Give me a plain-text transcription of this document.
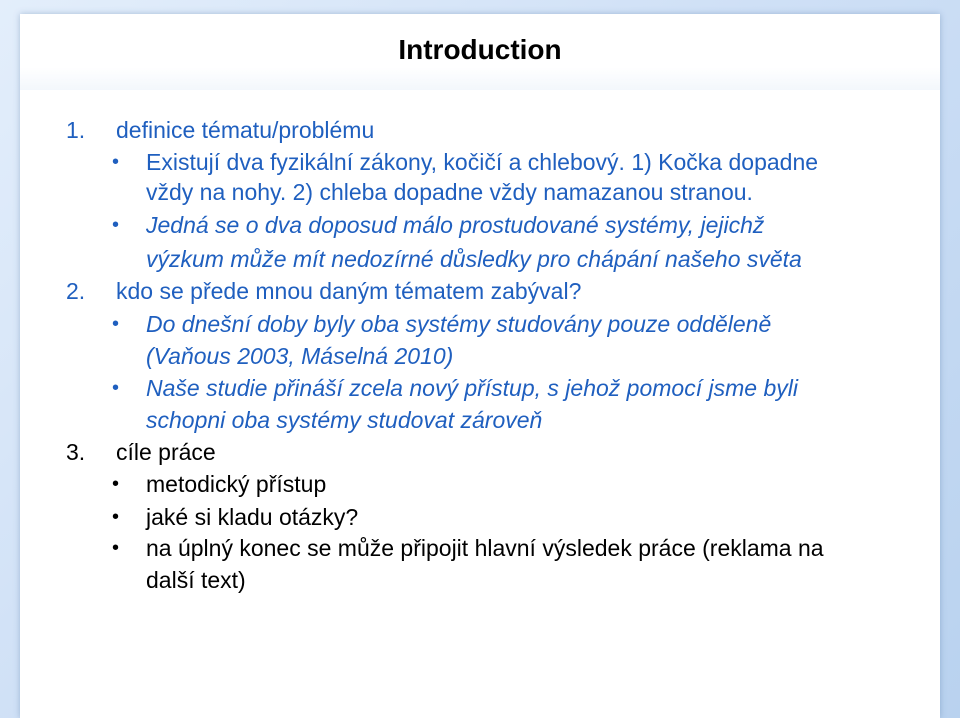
Introduction
1. definice tématu/problému
• Existují dva fyzikální zákony, kočičí a chlebový. 1) Kočka dopadne
vždy na nohy. 2) chleba dopadne vždy namazanou stranou.
• Jedná se o dva doposud málo prostudované systémy, jejichž
výzkum může mít nedozírné důsledky pro chápání našeho světa
2. kdo se přede mnou daným tématem zabýval?
• Do dnešní doby byly oba systémy studovány pouze odděleně
(Vaňous 2003, Máselná 2010)
• Naše studie přináší zcela nový přístup, s jehož pomocí jsme byli
schopni oba systémy studovat zároveň
3. cíle práce
• metodický přístup
• jaké si kladu otázky?
• na úplný konec se může připojit hlavní výsledek práce (reklama na
další text)
